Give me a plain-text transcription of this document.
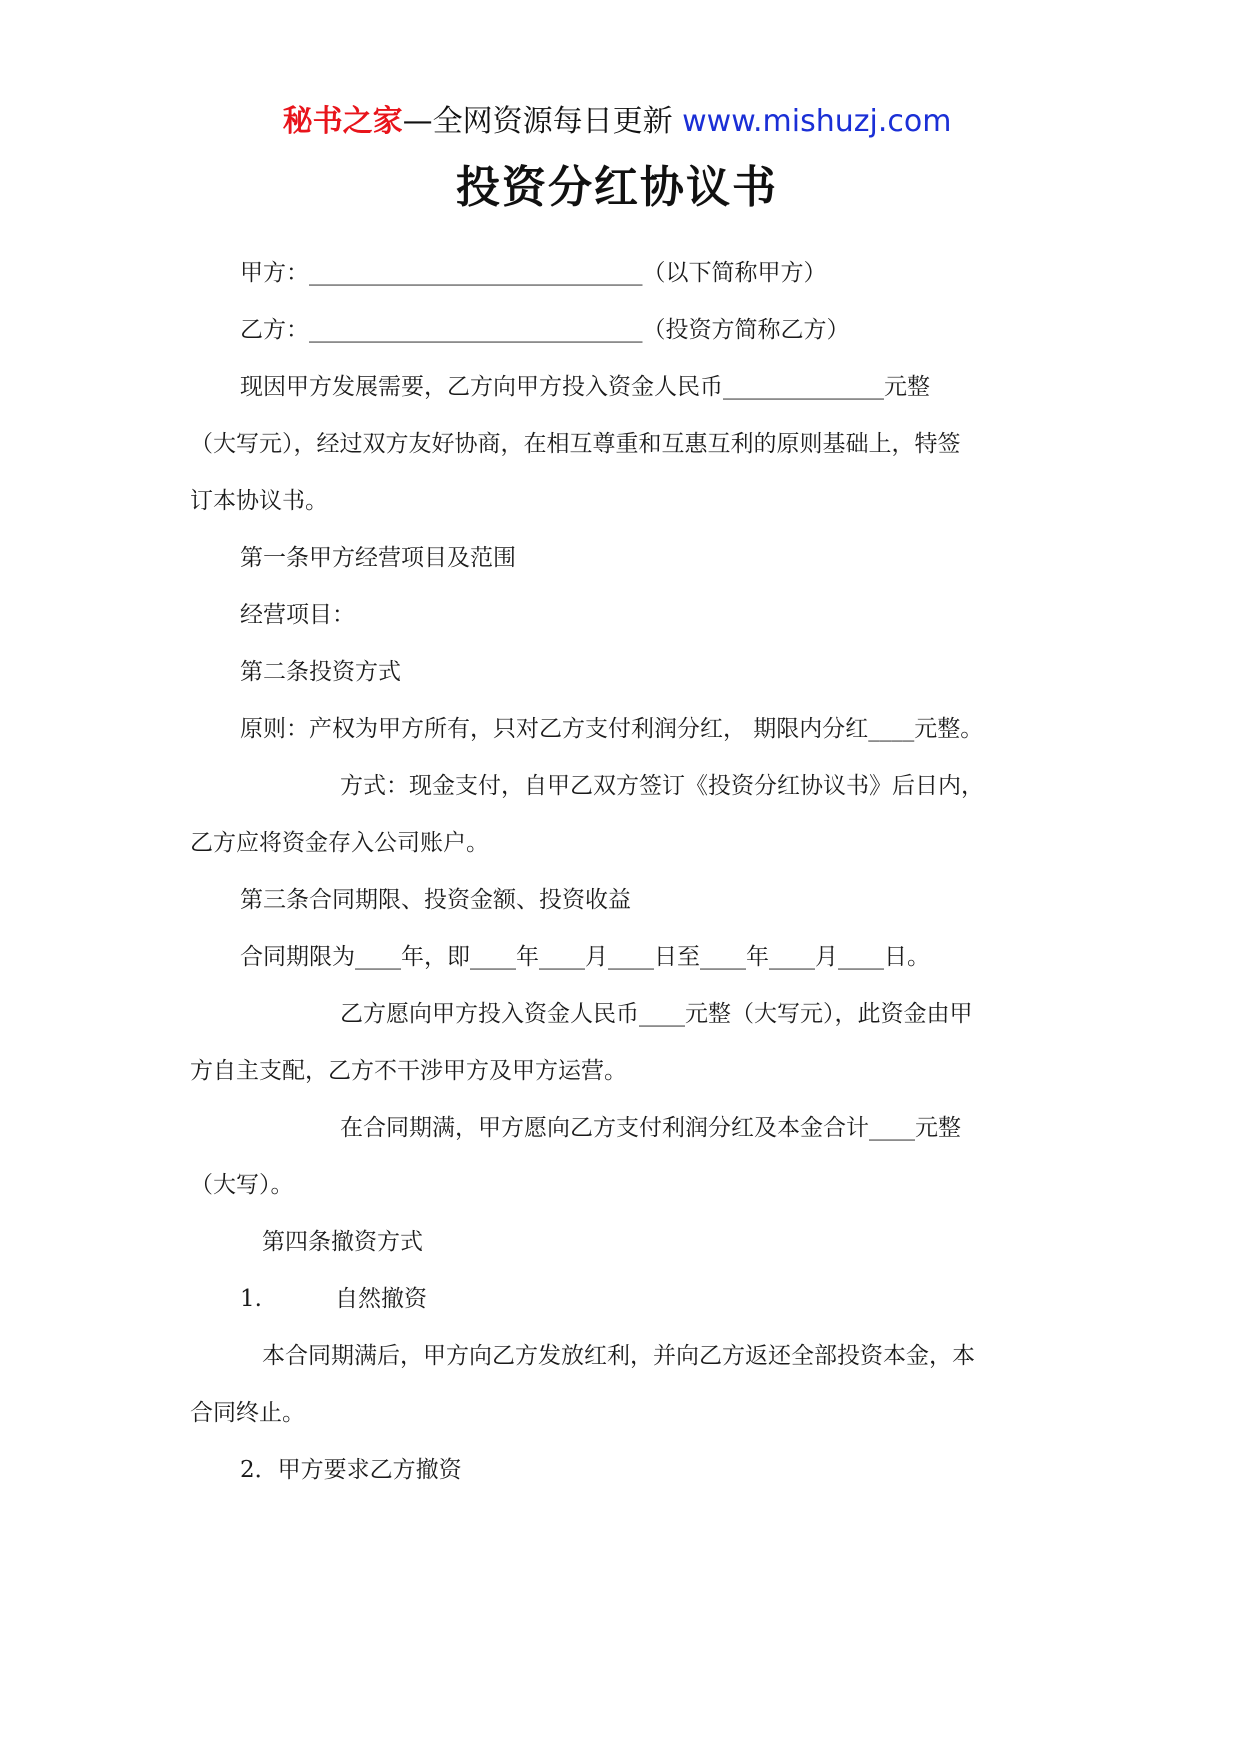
秘书之家—全网资源每日更新 www.mishuzj.com
投资分红协议书
甲方：_____________________________（以下简称甲方）
乙方：_____________________________（投资方简称乙方）
现因甲方发展需要，乙方向甲方投入资金人民币______________元整
（大写元），经过双方友好协商，在相互尊重和互惠互利的原则基础上，特签
订本协议书。
第一条甲方经营项目及范围
经营项目：
第二条投资方式
原则：产权为甲方所有，只对乙方支付利润分红， 期限内分红____元整。
方式：现金支付，自甲乙双方签订《投资分红协议书》后日内，
乙方应将资金存入公司账户。
第三条合同期限、投资金额、投资收益
合同期限为____年，即____年____月____日至____年____月____日。
乙方愿向甲方投入资金人民币____元整（大写元），此资金由甲
方自主支配，乙方不干涉甲方及甲方运营。
在合同期满，甲方愿向乙方支付利润分红及本金合计____元整
（大写）。
第四条撤资方式
1.          自然撤资
本合同期满后，甲方向乙方发放红利，并向乙方返还全部投资本金，本
合同终止。
2．甲方要求乙方撤资
